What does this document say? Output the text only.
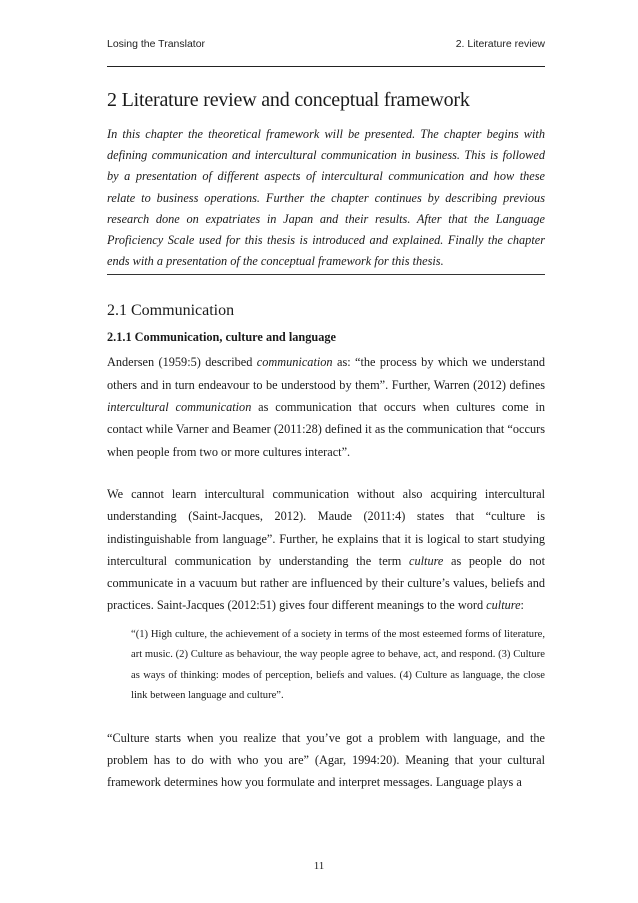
Losing the Translator	2. Literature review
2 Literature review and conceptual framework

In this chapter the theoretical framework will be presented. The chapter begins with defining communication and intercultural communication in business. This is followed by a presentation of different aspects of intercultural communication and how these relate to business operations. Further the chapter continues by describing previous research done on expatriates in Japan and their results. After that the Language Proficiency Scale used for this thesis is introduced and explained. Finally the chapter ends with a presentation of the conceptual framework for this thesis.

2.1 Communication
2.1.1 Communication, culture and language

Andersen (1959:5) described communication as: “the process by which we understand others and in turn endeavour to be understood by them”. Further, Warren (2012) defines intercultural communication as communication that occurs when cultures come in contact while Varner and Beamer (2011:28) defined it as the communication that “occurs when people from two or more cultures interact”.

We cannot learn intercultural communication without also acquiring intercultural understanding (Saint-Jacques, 2012). Maude (2011:4) states that “culture is indistinguishable from language”. Further, he explains that it is logical to start studying intercultural communication by understanding the term culture as people do not communicate in a vacuum but rather are influenced by their culture’s values, beliefs and practices. Saint-Jacques (2012:51) gives four different meanings to the word culture:

“(1) High culture, the achievement of a society in terms of the most esteemed forms of literature, art music. (2) Culture as behaviour, the way people agree to behave, act, and respond. (3) Culture as ways of thinking: modes of perception, beliefs and values. (4) Culture as language, the close link between language and culture”.

“Culture starts when you realize that you’ve got a problem with language, and the problem has to do with who you are” (Agar, 1994:20). Meaning that your cultural framework determines how you formulate and interpret messages. Language plays a

11
